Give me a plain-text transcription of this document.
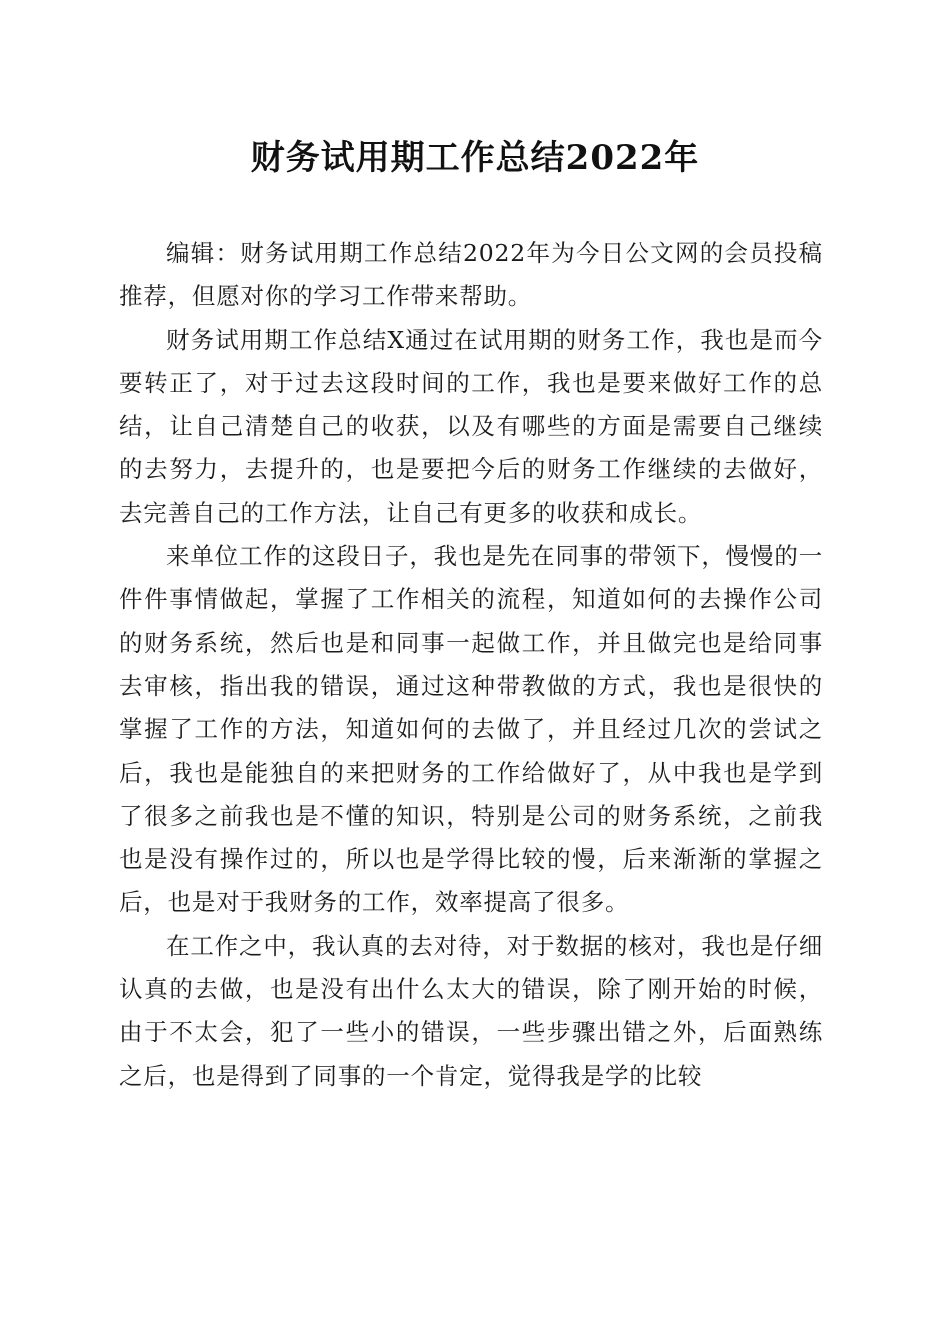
财务试用期工作总结2022年

编辑：财务试用期工作总结2022年为今日公文网的会员投稿推荐，但愿对你的学习工作带来帮助。

财务试用期工作总结X通过在试用期的财务工作，我也是而今要转正了，对于过去这段时间的工作，我也是要来做好工作的总结，让自己清楚自己的收获，以及有哪些的方面是需要自己继续的去努力，去提升的，也是要把今后的财务工作继续的去做好，去完善自己的工作方法，让自己有更多的收获和成长。

来单位工作的这段日子，我也是先在同事的带领下，慢慢的一件件事情做起，掌握了工作相关的流程，知道如何的去操作公司的财务系统，然后也是和同事一起做工作，并且做完也是给同事去审核，指出我的错误，通过这种带教做的方式，我也是很快的掌握了工作的方法，知道如何的去做了，并且经过几次的尝试之后，我也是能独自的来把财务的工作给做好了，从中我也是学到了很多之前我也是不懂的知识，特别是公司的财务系统，之前我也是没有操作过的，所以也是学得比较的慢，后来渐渐的掌握之后，也是对于我财务的工作，效率提高了很多。

在工作之中，我认真的去对待，对于数据的核对，我也是仔细认真的去做，也是没有出什么太大的错误，除了刚开始的时候，由于不太会，犯了一些小的错误，一些步骤出错之外，后面熟练之后，也是得到了同事的一个肯定，觉得我是学的比较
